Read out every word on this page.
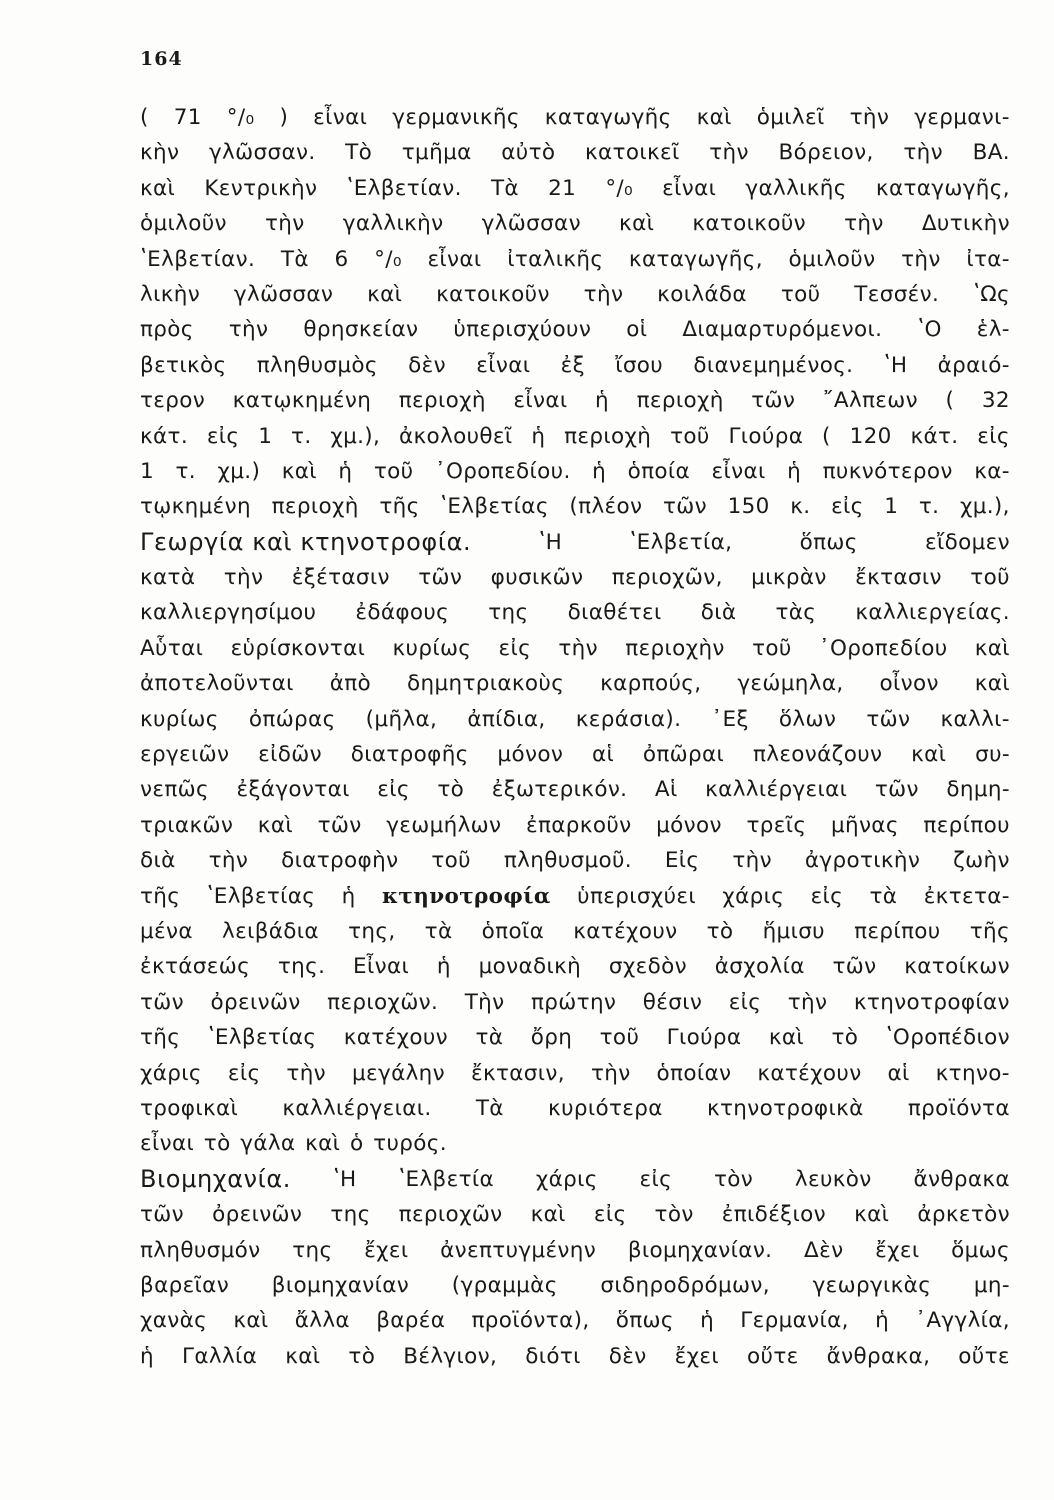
164
( 71 °/₀ ) εἶναι γερμανικῆς καταγωγῆς καὶ ὁμιλεῖ τὴν γερμανι-
κὴν γλῶσσαν. Τὸ τμῆμα αὐτὸ κατοικεῖ τὴν Βόρειον, τὴν ΒΑ.
καὶ Κεντρικὴν ʽΕλβετίαν. Τὰ 21 °/₀ εἶναι γαλλικῆς καταγωγῆς,
ὁμιλοῦν τὴν γαλλικὴν γλῶσσαν καὶ κατοικοῦν τὴν Δυτικὴν
ʽΕλβετίαν. Τὰ 6 °/₀ εἶναι ἰταλικῆς καταγωγῆς, ὁμιλοῦν τὴν ἰτα-
λικὴν γλῶσσαν καὶ κατοικοῦν τὴν κοιλάδα τοῦ Τεσσέν. ʽΩς
πρὸς τὴν θρησκείαν ὑπερισχύουν οἱ Διαμαρτυρόμενοι. ʽΟ ἑλ-
βετικὸς πληθυσμὸς δὲν εἶναι ἐξ ἴσου διανεμημένος. ʽΗ ἀραιό-
τερον κατῳκημένη περιοχὴ εἶναι ἡ περιοχὴ τῶν ῎Αλπεων ( 32
κάτ. εἰς 1 τ. χμ.), ἀκολουθεῖ ἡ περιοχὴ τοῦ Γιούρα ( 120 κάτ. εἰς
1 τ. χμ.) καὶ ἡ τοῦ ᾿Οροπεδίου. ἡ ὁποία εἶναι ἡ πυκνότερον κα-
τῳκημένη περιοχὴ τῆς ʽΕλβετίας (πλέον τῶν 150 κ. εἰς 1 τ. χμ.),
Γεωργία καὶ κτηνοτροφία.	ʽΗ	ʽΕλβετία,	ὅπως	εἴδομεν
κατὰ τὴν ἐξέτασιν τῶν φυσικῶν περιοχῶν, μικρὰν ἔκτασιν τοῦ
καλλιεργησίμου ἐδάφους της διαθέτει διὰ τὰς καλλιεργείας.
Αὗται εὑρίσκονται κυρίως εἰς τὴν περιοχὴν τοῦ ᾿Οροπεδίου καὶ
ἀποτελοῦνται ἀπὸ δημητριακοὺς καρπούς, γεώμηλα, οἶνον καὶ
κυρίως ὀπώρας (μῆλα, ἀπίδια, κεράσια). ᾿Εξ ὅλων τῶν καλλι-
εργειῶν εἰδῶν διατροφῆς μόνον αἱ ὀπῶραι πλεονάζουν καὶ συ-
νεπῶς ἐξάγονται εἰς τὸ ἐξωτερικόν. Αἱ καλλιέργειαι τῶν δημη-
τριακῶν καὶ τῶν γεωμήλων ἐπαρκοῦν μόνον τρεῖς μῆνας περίπου
διὰ τὴν διατροφὴν τοῦ πληθυσμοῦ. Εἰς τὴν ἀγροτικὴν ζωὴν
τῆς ʽΕλβετίας ἡ κτηνοτροφία ὑπερισχύει χάρις εἰς τὰ ἐκτετα-
μένα λειβάδια της, τὰ ὁποῖα κατέχουν τὸ ἥμισυ περίπου τῆς
ἐκτάσεώς της. Εἶναι ἡ μοναδικὴ σχεδὸν ἀσχολία τῶν κατοίκων
τῶν ὀρεινῶν περιοχῶν. Τὴν πρώτην θέσιν εἰς τὴν κτηνοτροφίαν
τῆς ʽΕλβετίας κατέχουν τὰ ὄρη τοῦ Γιούρα καὶ τὸ ʽΟροπέδιον
χάρις εἰς τὴν μεγάλην ἔκτασιν, τὴν ὁποίαν κατέχουν αἱ κτηνο-
τροφικαὶ καλλιέργειαι. Τὰ κυριότερα κτηνοτροφικὰ προϊόντα
εἶναι τὸ γάλα καὶ ὁ τυρός.
Βιομηχανία. ʽΗ ʽΕλβετία χάρις εἰς τὸν λευκὸν ἄνθρακα
τῶν ὀρεινῶν της περιοχῶν καὶ εἰς τὸν ἐπιδέξιον καὶ ἀρκετὸν
πληθυσμόν της ἔχει ἀνεπτυγμένην βιομηχανίαν. Δὲν ἔχει ὅμως
βαρεῖαν βιομηχανίαν (γραμμὰς σιδηροδρόμων, γεωργικὰς μη-
χανὰς καὶ ἄλλα βαρέα προϊόντα), ὅπως ἡ Γερμανία, ἡ ᾿Αγγλία,
ἡ Γαλλία καὶ τὸ Βέλγιον, διότι δὲν ἔχει οὔτε ἄνθρακα, οὔτε
